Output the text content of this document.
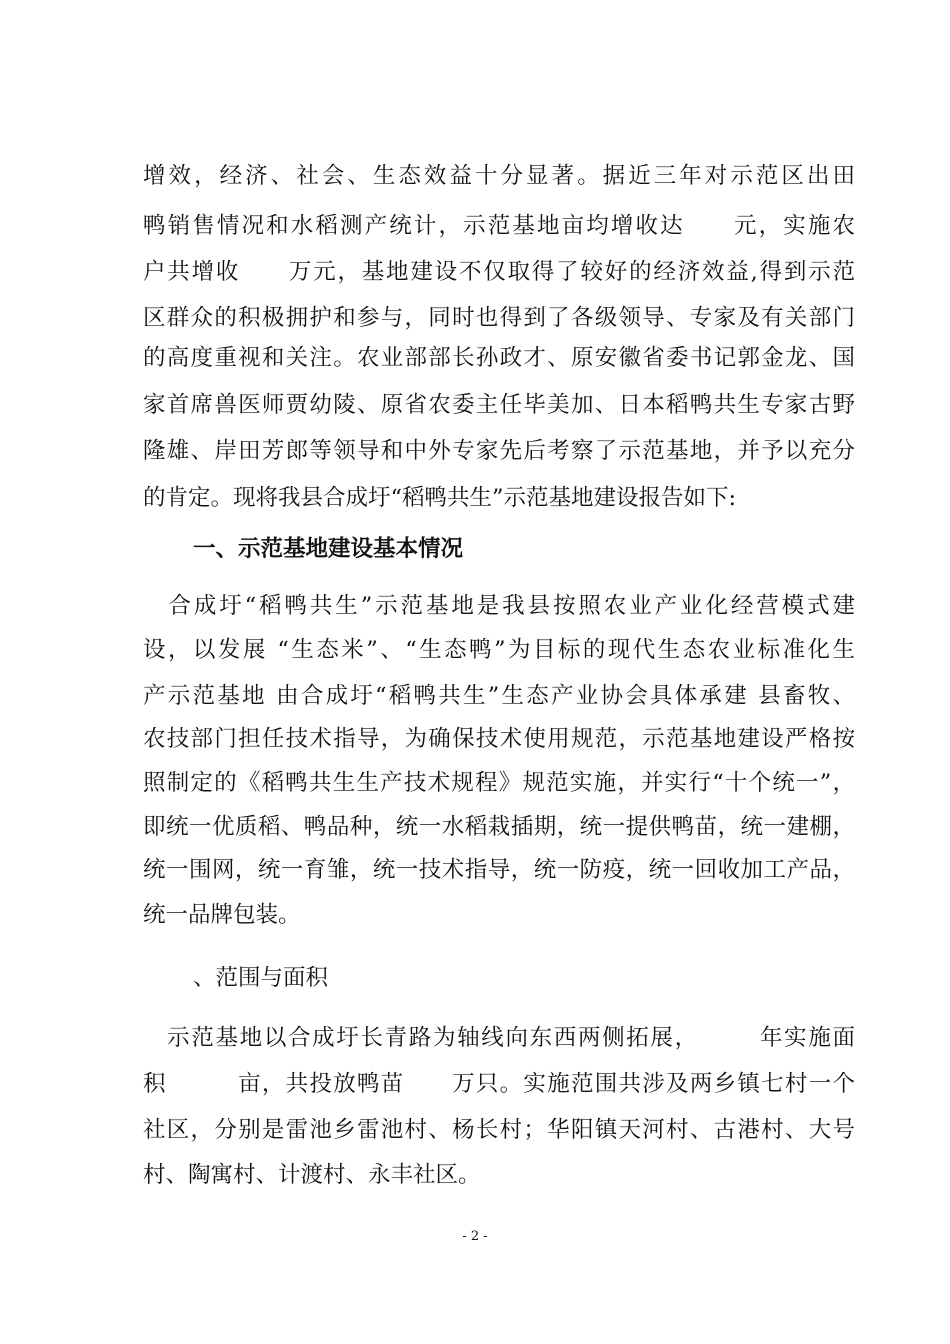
增效，经济、社会、生态效益十分显著。据近三年对示范区出田
鸭销售情况和水稻测产统计，示范基地亩均增收达　　元，实施农
户共增收　　万元，基地建设不仅取得了较好的经济效益,得到示范
区群众的积极拥护和参与，同时也得到了各级领导、专家及有关部门
的高度重视和关注。农业部部长孙政才、原安徽省委书记郭金龙、国
家首席兽医师贾幼陵、原省农委主任毕美加、日本稻鸭共生专家古野
隆雄、岸田芳郎等领导和中外专家先后考察了示范基地，并予以充分
的肯定。现将我县合成圩“稻鸭共生”示范基地建设报告如下:
一、示范基地建设基本情况
　合成圩“稻鸭共生”示范基地是我县按照农业产业化经营模式建
设，以发展 “生态米”、“生态鸭”为目标的现代生态农业标准化生
产示范基地 由合成圩“稻鸭共生”生态产业协会具体承建 县畜牧、
农技部门担任技术指导，为确保技术使用规范，示范基地建设严格按
照制定的《稻鸭共生生产技术规程》规范实施，并实行“十个统一”，
即统一优质稻、鸭品种，统一水稻栽插期，统一提供鸭苗，统一建棚，
统一围网，统一育雏，统一技术指导，统一防疫，统一回收加工产品，
统一品牌包装。
、范围与面积
　示范基地以合成圩长青路为轴线向东西两侧拓展，　　　年实施面
积　　　亩，共投放鸭苗　　万只。实施范围共涉及两乡镇七村一个
社区，分别是雷池乡雷池村、杨长村；华阳镇天河村、古港村、大号
村、陶寓村、计渡村、永丰社区。
- 2 -
